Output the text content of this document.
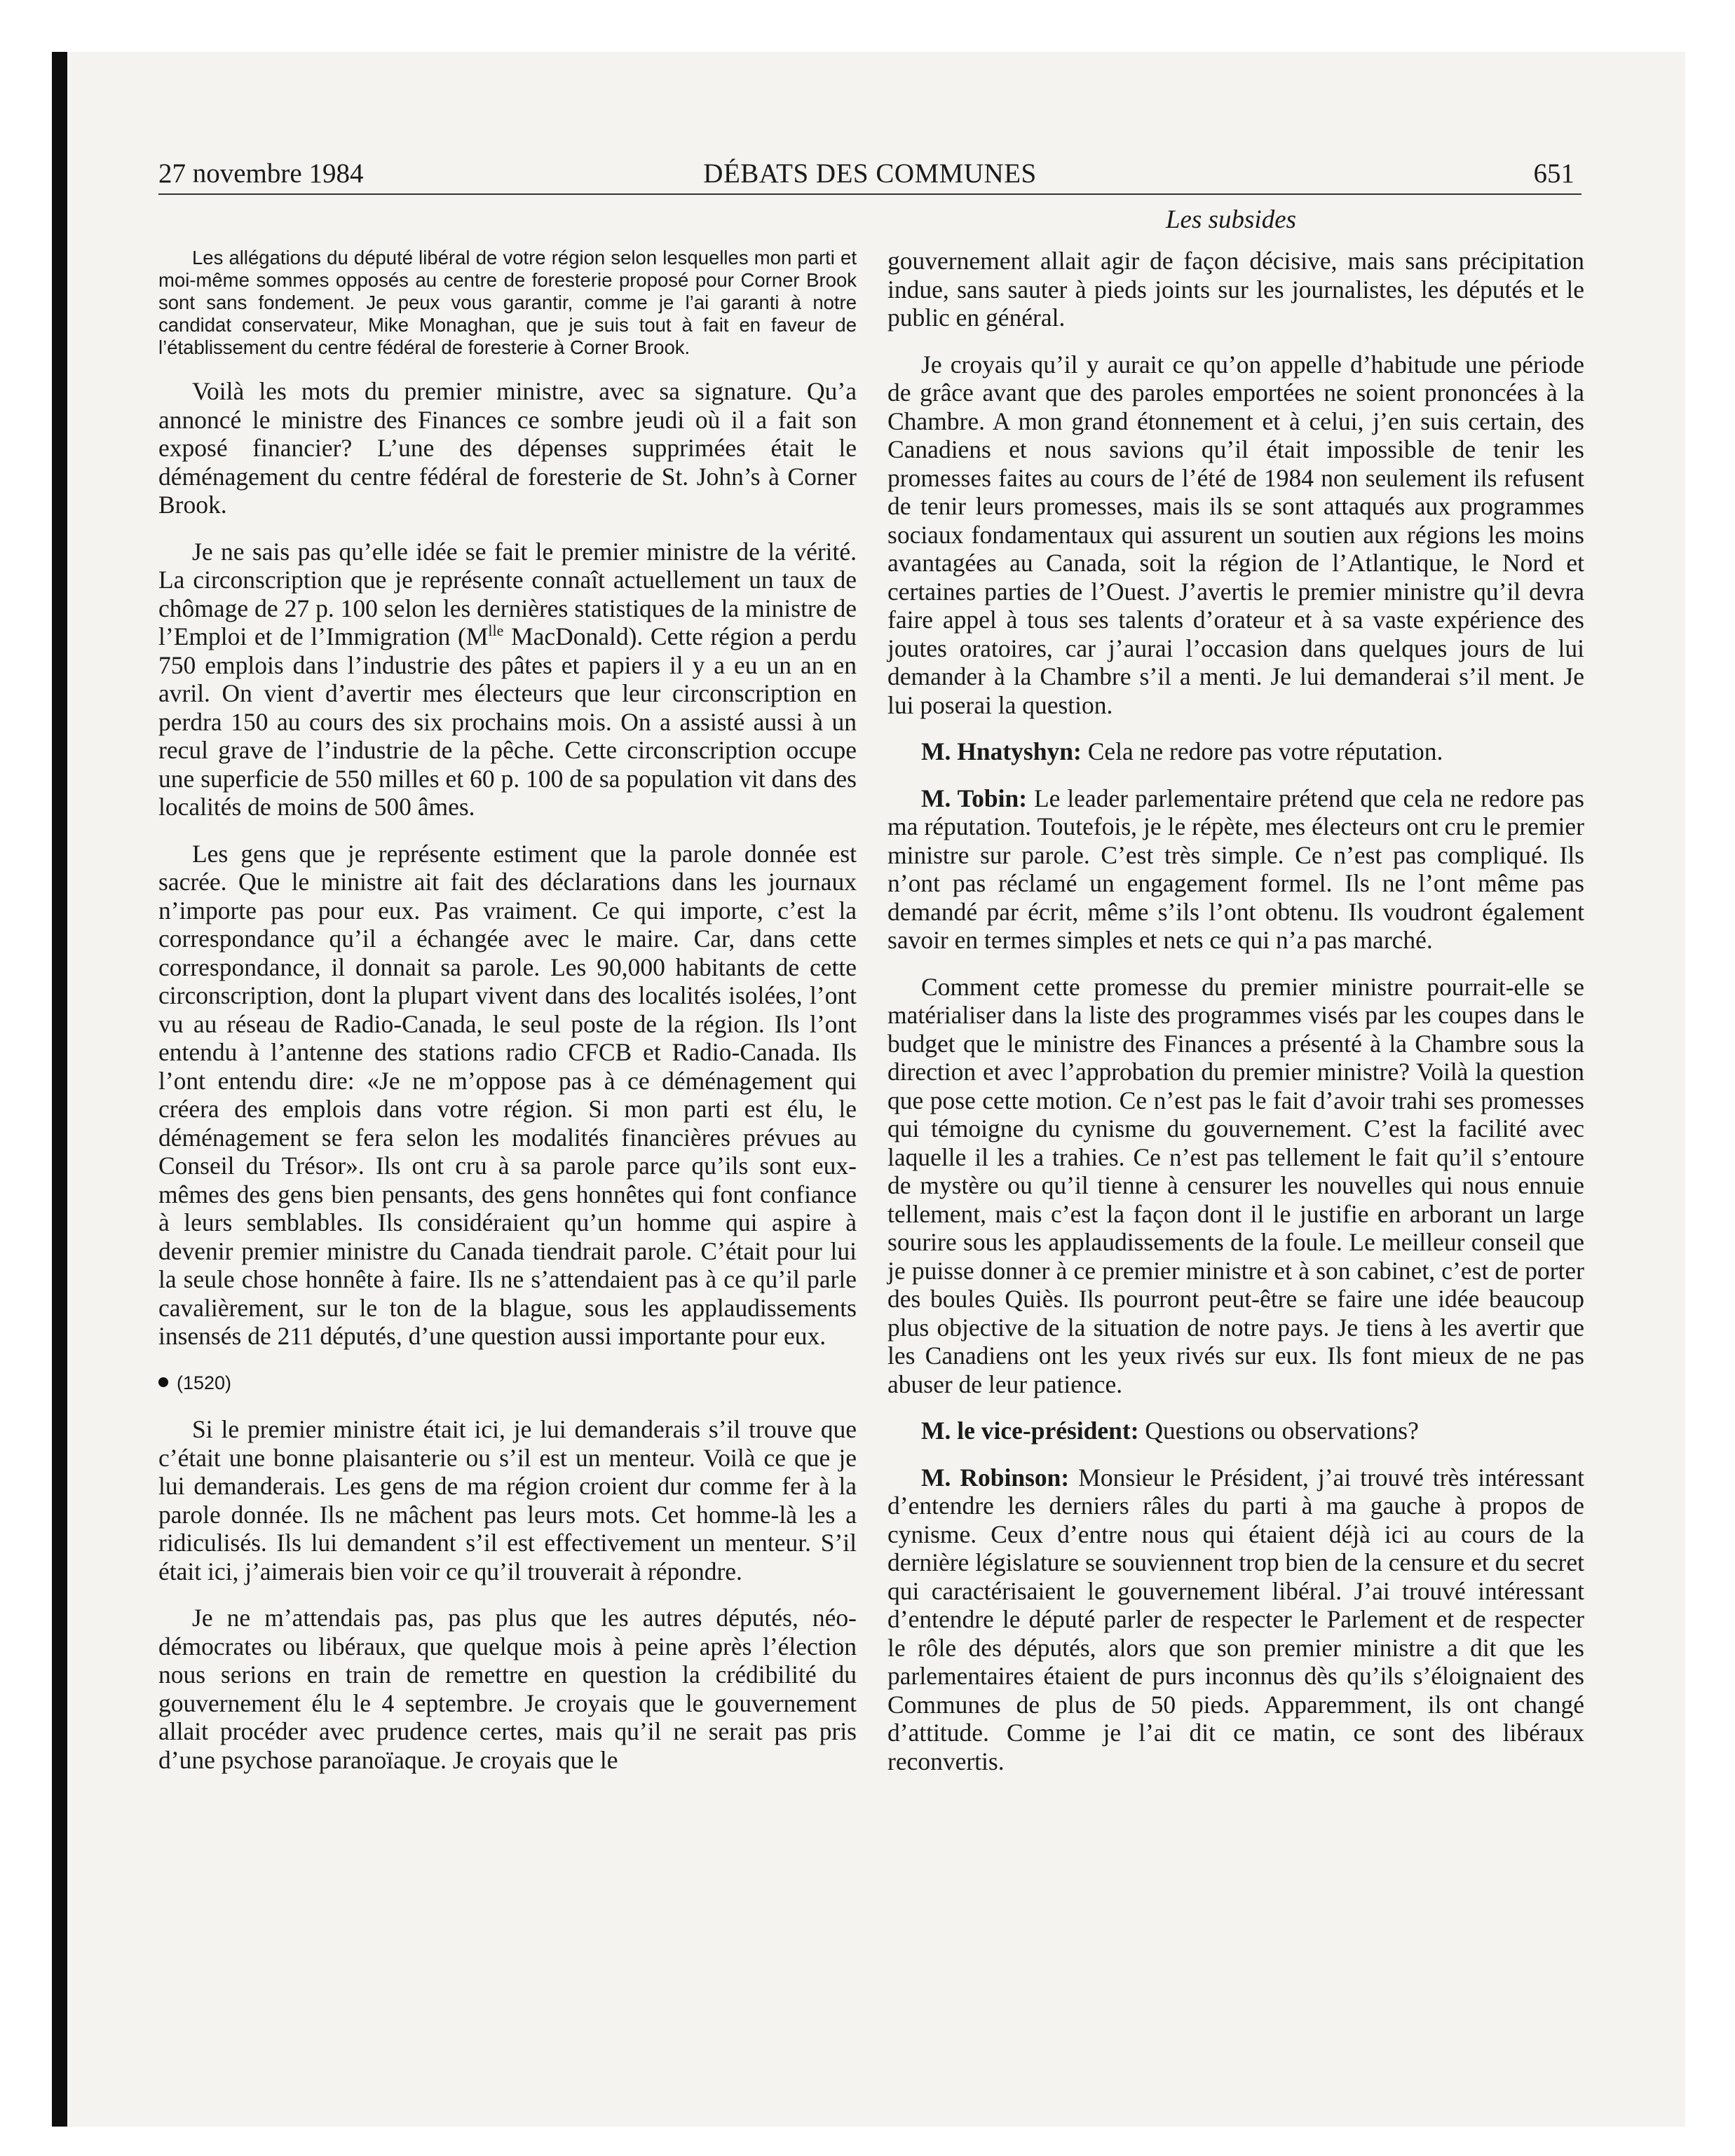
27 novembre 1984	DÉBATS DES COMMUNES	651
Les subsides

Les allégations du député libéral de votre région selon lesquelles mon parti et moi-même sommes opposés au centre de foresterie proposé pour Corner Brook sont sans fondement. Je peux vous garantir, comme je l’ai garanti à notre candidat conservateur, Mike Monaghan, que je suis tout à fait en faveur de l’établissement du centre fédéral de foresterie à Corner Brook.

Voilà les mots du premier ministre, avec sa signature. Qu’a annoncé le ministre des Finances ce sombre jeudi où il a fait son exposé financier? L’une des dépenses supprimées était le déménagement du centre fédéral de foresterie de St. John’s à Corner Brook.

Je ne sais pas qu’elle idée se fait le premier ministre de la vérité. La circonscription que je représente connaît actuellement un taux de chômage de 27 p. 100 selon les dernières statistiques de la ministre de l’Emploi et de l’Immigration ($M^{lle}$ MacDonald). Cette région a perdu 750 emplois dans l’industrie des pâtes et papiers il y a eu un an en avril. On vient d’avertir mes électeurs que leur circonscription en perdra 150 au cours des six prochains mois. On a assisté aussi à un recul grave de l’industrie de la pêche. Cette circonscription occupe une superficie de 550 milles et 60 p. 100 de sa population vit dans des localités de moins de 500 âmes.

Les gens que je représente estiment que la parole donnée est sacrée. Que le ministre ait fait des déclarations dans les journaux n’importe pas pour eux. Pas vraiment. Ce qui importe, c’est la correspondance qu’il a échangée avec le maire. Car, dans cette correspondance, il donnait sa parole. Les 90,000 habitants de cette circonscription, dont la plupart vivent dans des localités isolées, l’ont vu au réseau de Radio-Canada, le seul poste de la région. Ils l’ont entendu à l’antenne des stations radio CFCB et Radio-Canada. Ils l’ont entendu dire: «Je ne m’oppose pas à ce déménagement qui créera des emplois dans votre région. Si mon parti est élu, le déménagement se fera selon les modalités financières prévues au Conseil du Trésor». Ils ont cru à sa parole parce qu’ils sont eux-mêmes des gens bien pensants, des gens honnêtes qui font confiance à leurs semblables. Ils considéraient qu’un homme qui aspire à devenir premier ministre du Canada tiendrait parole. C’était pour lui la seule chose honnête à faire. Ils ne s’attendaient pas à ce qu’il parle cavalièrement, sur le ton de la blague, sous les applaudissements insensés de 211 députés, d’une question aussi importante pour eux.

(1520)

Si le premier ministre était ici, je lui demanderais s’il trouve que c’était une bonne plaisanterie ou s’il est un menteur. Voilà ce que je lui demanderais. Les gens de ma région croient dur comme fer à la parole donnée. Ils ne mâchent pas leurs mots. Cet homme-là les a ridiculisés. Ils lui demandent s’il est effectivement un menteur. S’il était ici, j’aimerais bien voir ce qu’il trouverait à répondre.

Je ne m’attendais pas, pas plus que les autres députés, néo-démocrates ou libéraux, que quelque mois à peine après l’élection nous serions en train de remettre en question la crédibilité du gouvernement élu le 4 septembre. Je croyais que le gouvernement allait procéder avec prudence certes, mais qu’il ne serait pas pris d’une psychose paranoïaque. Je croyais que le

gouvernement allait agir de façon décisive, mais sans précipitation indue, sans sauter à pieds joints sur les journalistes, les députés et le public en général.

Je croyais qu’il y aurait ce qu’on appelle d’habitude une période de grâce avant que des paroles emportées ne soient prononcées à la Chambre. A mon grand étonnement et à celui, j’en suis certain, des Canadiens et nous savions qu’il était impossible de tenir les promesses faites au cours de l’été de 1984 non seulement ils refusent de tenir leurs promesses, mais ils se sont attaqués aux programmes sociaux fondamentaux qui assurent un soutien aux régions les moins avantagées au Canada, soit la région de l’Atlantique, le Nord et certaines parties de l’Ouest. J’avertis le premier ministre qu’il devra faire appel à tous ses talents d’orateur et à sa vaste expérience des joutes oratoires, car j’aurai l’occasion dans quelques jours de lui demander à la Chambre s’il a menti. Je lui demanderai s’il ment. Je lui poserai la question.

M. Hnatyshyn: Cela ne redore pas votre réputation.

M. Tobin: Le leader parlementaire prétend que cela ne redore pas ma réputation. Toutefois, je le répète, mes électeurs ont cru le premier ministre sur parole. C’est très simple. Ce n’est pas compliqué. Ils n’ont pas réclamé un engagement formel. Ils ne l’ont même pas demandé par écrit, même s’ils l’ont obtenu. Ils voudront également savoir en termes simples et nets ce qui n’a pas marché.

Comment cette promesse du premier ministre pourrait-elle se matérialiser dans la liste des programmes visés par les coupes dans le budget que le ministre des Finances a présenté à la Chambre sous la direction et avec l’approbation du premier ministre? Voilà la question que pose cette motion. Ce n’est pas le fait d’avoir trahi ses promesses qui témoigne du cynisme du gouvernement. C’est la facilité avec laquelle il les a trahies. Ce n’est pas tellement le fait qu’il s’entoure de mystère ou qu’il tienne à censurer les nouvelles qui nous ennuie tellement, mais c’est la façon dont il le justifie en arborant un large sourire sous les applaudissements de la foule. Le meilleur conseil que je puisse donner à ce premier ministre et à son cabinet, c’est de porter des boules Quiès. Ils pourront peut-être se faire une idée beaucoup plus objective de la situation de notre pays. Je tiens à les avertir que les Canadiens ont les yeux rivés sur eux. Ils font mieux de ne pas abuser de leur patience.

M. le vice-président: Questions ou observations?

M. Robinson: Monsieur le Président, j’ai trouvé très intéressant d’entendre les derniers râles du parti à ma gauche à propos de cynisme. Ceux d’entre nous qui étaient déjà ici au cours de la dernière législature se souviennent trop bien de la censure et du secret qui caractérisaient le gouvernement libéral. J’ai trouvé intéressant d’entendre le député parler de respecter le Parlement et de respecter le rôle des députés, alors que son premier ministre a dit que les parlementaires étaient de purs inconnus dès qu’ils s’éloignaient des Communes de plus de 50 pieds. Apparemment, ils ont changé d’attitude. Comme je l’ai dit ce matin, ce sont des libéraux reconvertis.
